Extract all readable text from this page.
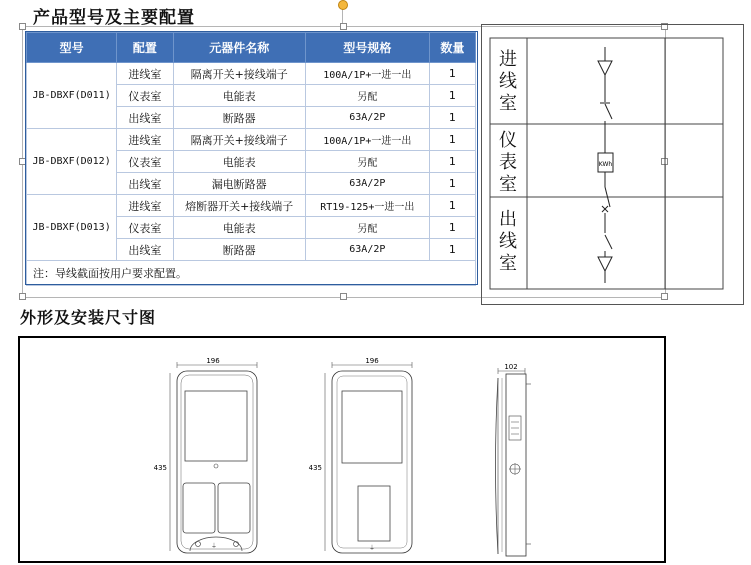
产品型号及主要配置
外形及安装尺寸图
型号	配置	元器件名称	型号规格	数量
JB-DBXF(D011)	进线室	隔离开关+接线端子	100A/1P+一进一出	1
	仪表室	电能表	另配	1
	出线室	断路器	63A/2P	1
JB-DBXF(D012)	进线室	隔离开关+接线端子	100A/1P+一进一出	1
	仪表室	电能表	另配	1
	出线室	漏电断路器	63A/2P	1
JB-DBXF(D013)	进线室	熔断器开关+接线端子	RT19-125+一进一出	1
	仪表室	电能表	另配	1
	出线室	断路器	63A/2P	1
注：导线截面按用户要求配置。				
KWh
进
线
室
仪
表
室
出
线
室
196
435
⏚
196
435
⏚
102
